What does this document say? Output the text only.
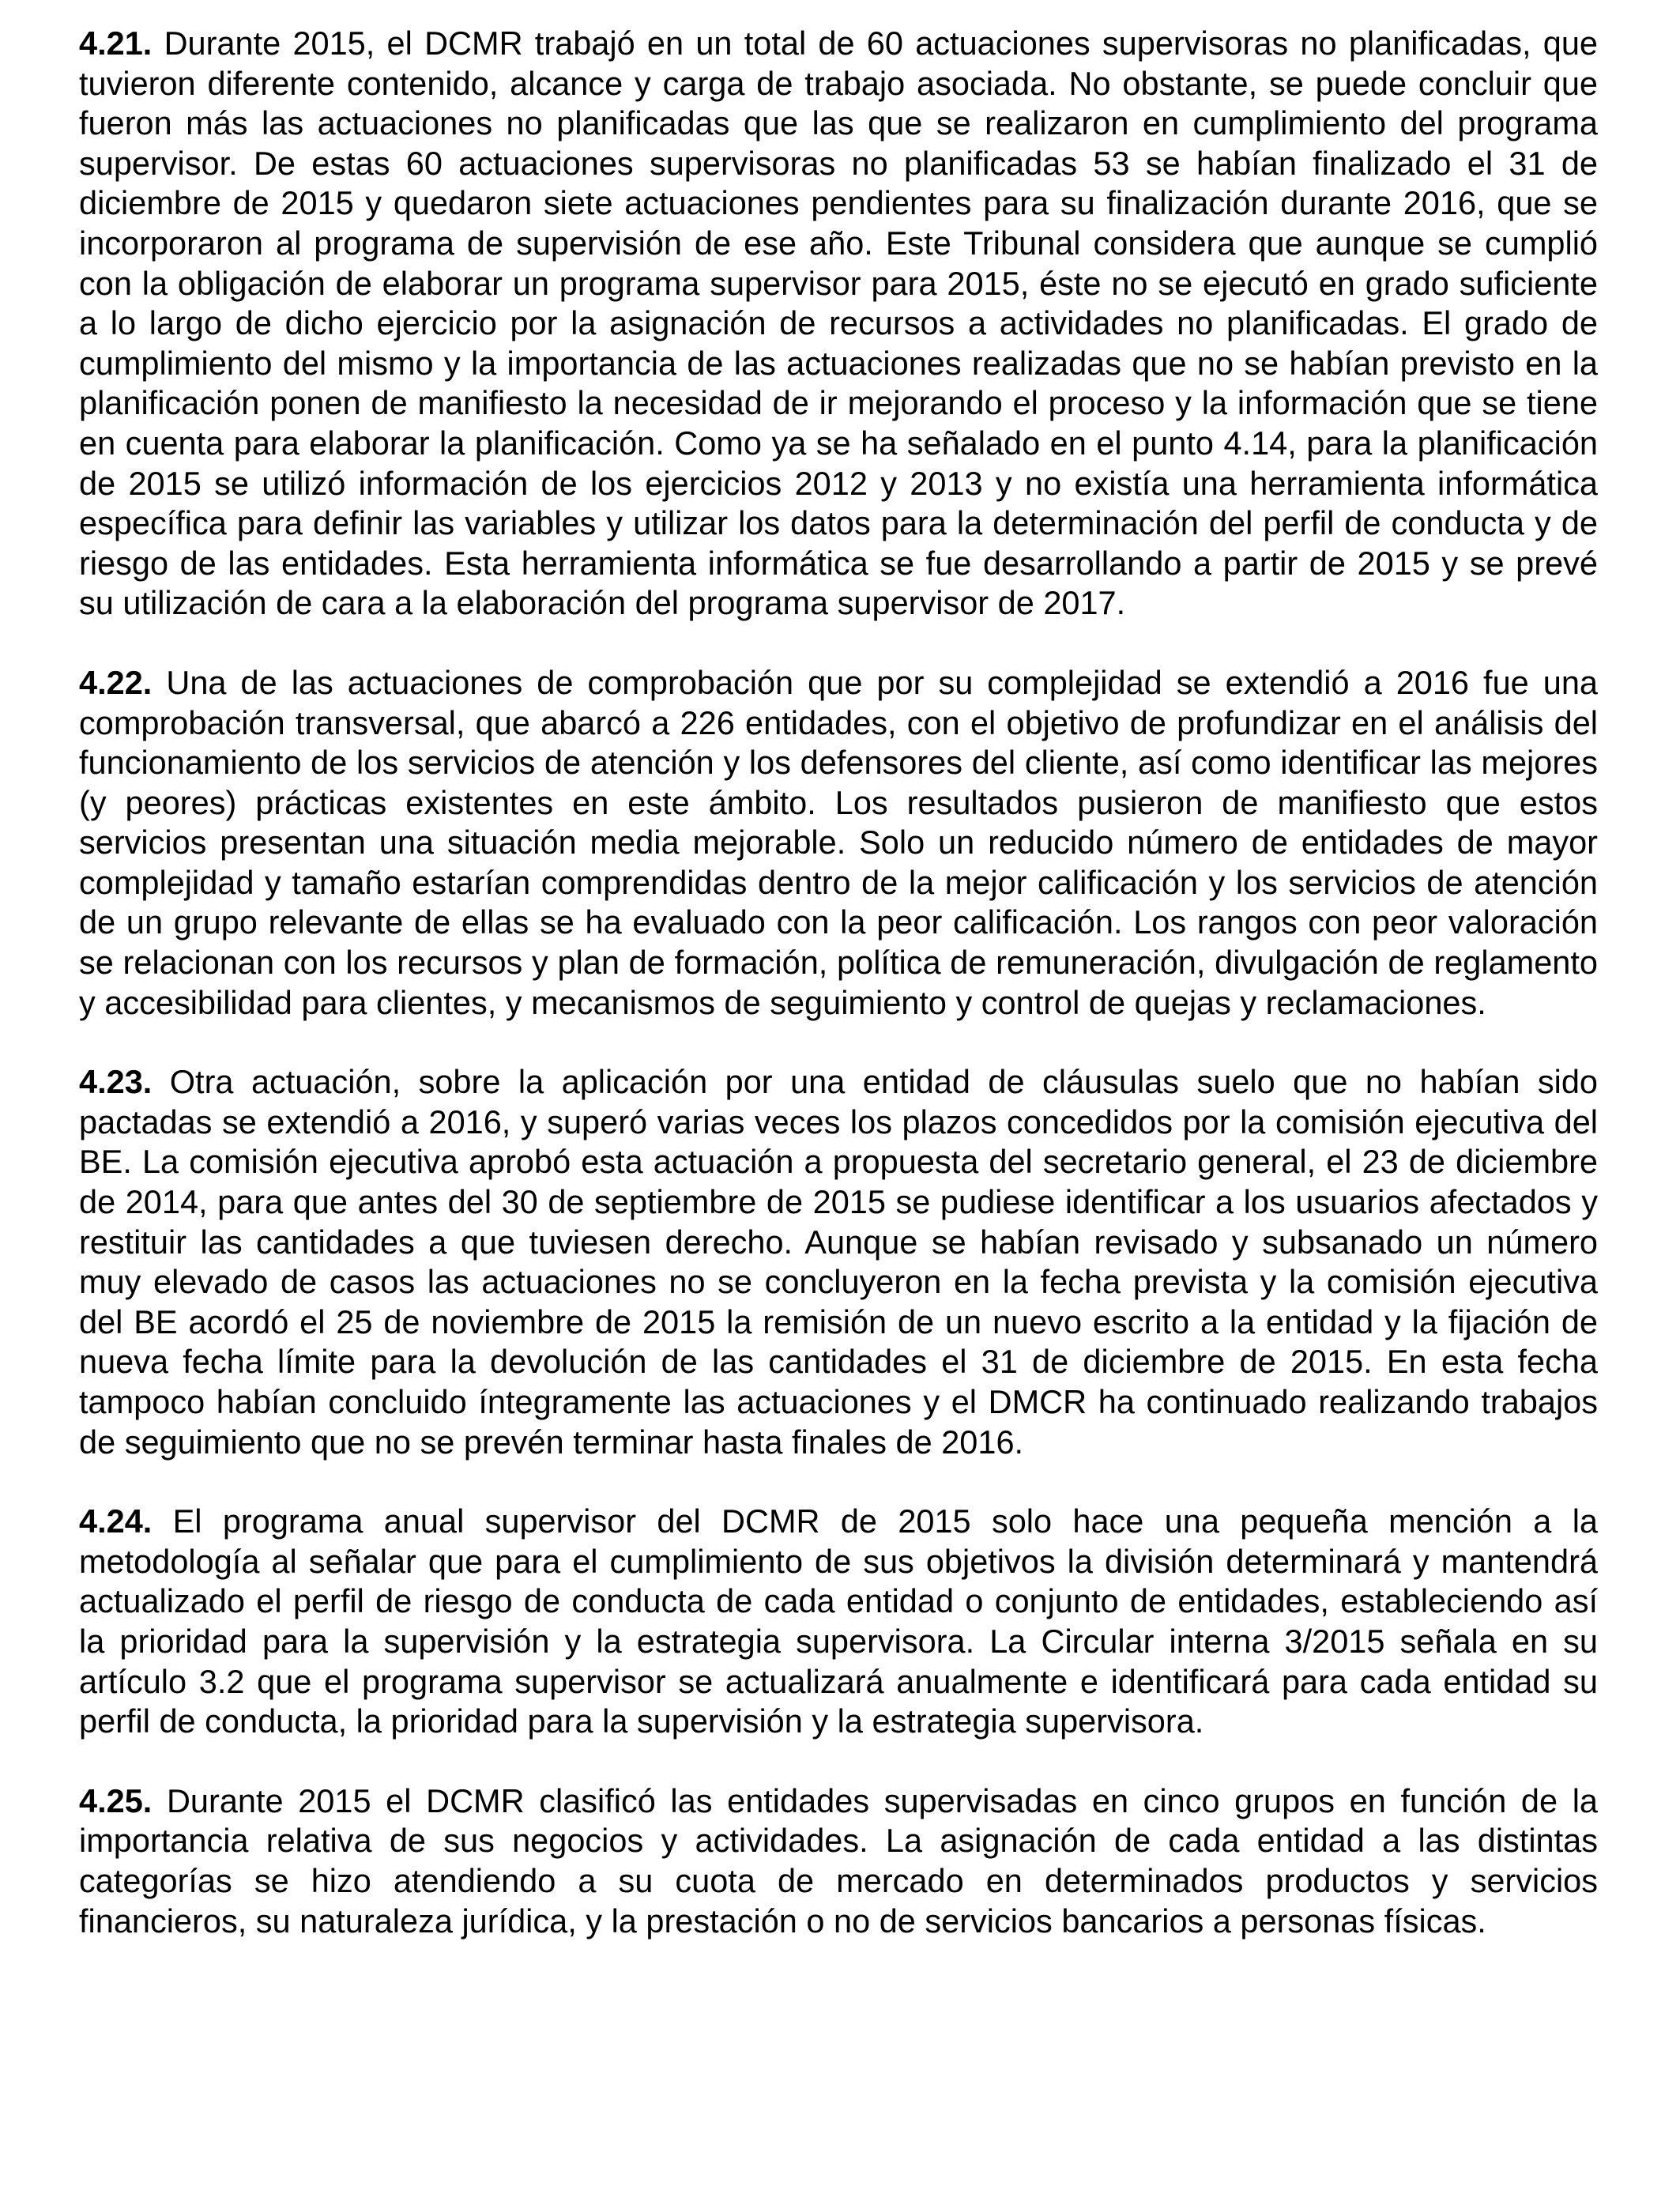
4.21. Durante 2015, el DCMR trabajó en un total de 60 actuaciones supervisoras no planificadas, que tuvieron diferente contenido, alcance y carga de trabajo asociada. No obstante, se puede concluir que fueron más las actuaciones no planificadas que las que se realizaron en cumplimiento del programa supervisor. De estas 60 actuaciones supervisoras no planificadas 53 se habían finalizado el 31 de diciembre de 2015 y quedaron siete actuaciones pendientes para su finalización durante 2016, que se incorporaron al programa de supervisión de ese año. Este Tribunal considera que aunque se cumplió con la obligación de elaborar un programa supervisor para 2015, éste no se ejecutó en grado suficiente a lo largo de dicho ejercicio por la asignación de recursos a actividades no planificadas. El grado de cumplimiento del mismo y la importancia de las actuaciones realizadas que no se habían previsto en la planificación ponen de manifiesto la necesidad de ir mejorando el proceso y la información que se tiene en cuenta para elaborar la planificación. Como ya se ha señalado en el punto 4.14, para la planificación de 2015 se utilizó información de los ejercicios 2012 y 2013 y no existía una herramienta informática específica para definir las variables y utilizar los datos para la determinación del perfil de conducta y de riesgo de las entidades. Esta herramienta informática se fue desarrollando a partir de 2015 y se prevé su utilización de cara a la elaboración del programa supervisor de 2017.

4.22. Una de las actuaciones de comprobación que por su complejidad se extendió a 2016 fue una comprobación transversal, que abarcó a 226 entidades, con el objetivo de profundizar en el análisis del funcionamiento de los servicios de atención y los defensores del cliente, así como identificar las mejores (y peores) prácticas existentes en este ámbito. Los resultados pusieron de manifiesto que estos servicios presentan una situación media mejorable. Solo un reducido número de entidades de mayor complejidad y tamaño estarían comprendidas dentro de la mejor calificación y los servicios de atención de un grupo relevante de ellas se ha evaluado con la peor calificación. Los rangos con peor valoración se relacionan con los recursos y plan de formación, política de remuneración, divulgación de reglamento y accesibilidad para clientes, y mecanismos de seguimiento y control de quejas y reclamaciones.

4.23. Otra actuación, sobre la aplicación por una entidad de cláusulas suelo que no habían sido pactadas se extendió a 2016, y superó varias veces los plazos concedidos por la comisión ejecutiva del BE. La comisión ejecutiva aprobó esta actuación a propuesta del secretario general, el 23 de diciembre de 2014, para que antes del 30 de septiembre de 2015 se pudiese identificar a los usuarios afectados y restituir las cantidades a que tuviesen derecho. Aunque se habían revisado y subsanado un número muy elevado de casos las actuaciones no se concluyeron en la fecha prevista y la comisión ejecutiva del BE acordó el 25 de noviembre de 2015 la remisión de un nuevo escrito a la entidad y la fijación de nueva fecha límite para la devolución de las cantidades el 31 de diciembre de 2015. En esta fecha tampoco habían concluido íntegramente las actuaciones y el DMCR ha continuado realizando trabajos de seguimiento que no se prevén terminar hasta finales de 2016.

4.24. El programa anual supervisor del DCMR de 2015 solo hace una pequeña mención a la metodología al señalar que para el cumplimiento de sus objetivos la división determinará y mantendrá actualizado el perfil de riesgo de conducta de cada entidad o conjunto de entidades, estableciendo así la prioridad para la supervisión y la estrategia supervisora. La Circular interna 3/2015 señala en su artículo 3.2 que el programa supervisor se actualizará anualmente e identificará para cada entidad su perfil de conducta, la prioridad para la supervisión y la estrategia supervisora.

4.25. Durante 2015 el DCMR clasificó las entidades supervisadas en cinco grupos en función de la importancia relativa de sus negocios y actividades. La asignación de cada entidad a las distintas categorías se hizo atendiendo a su cuota de mercado en determinados productos y servicios financieros, su naturaleza jurídica, y la prestación o no de servicios bancarios a personas físicas.
